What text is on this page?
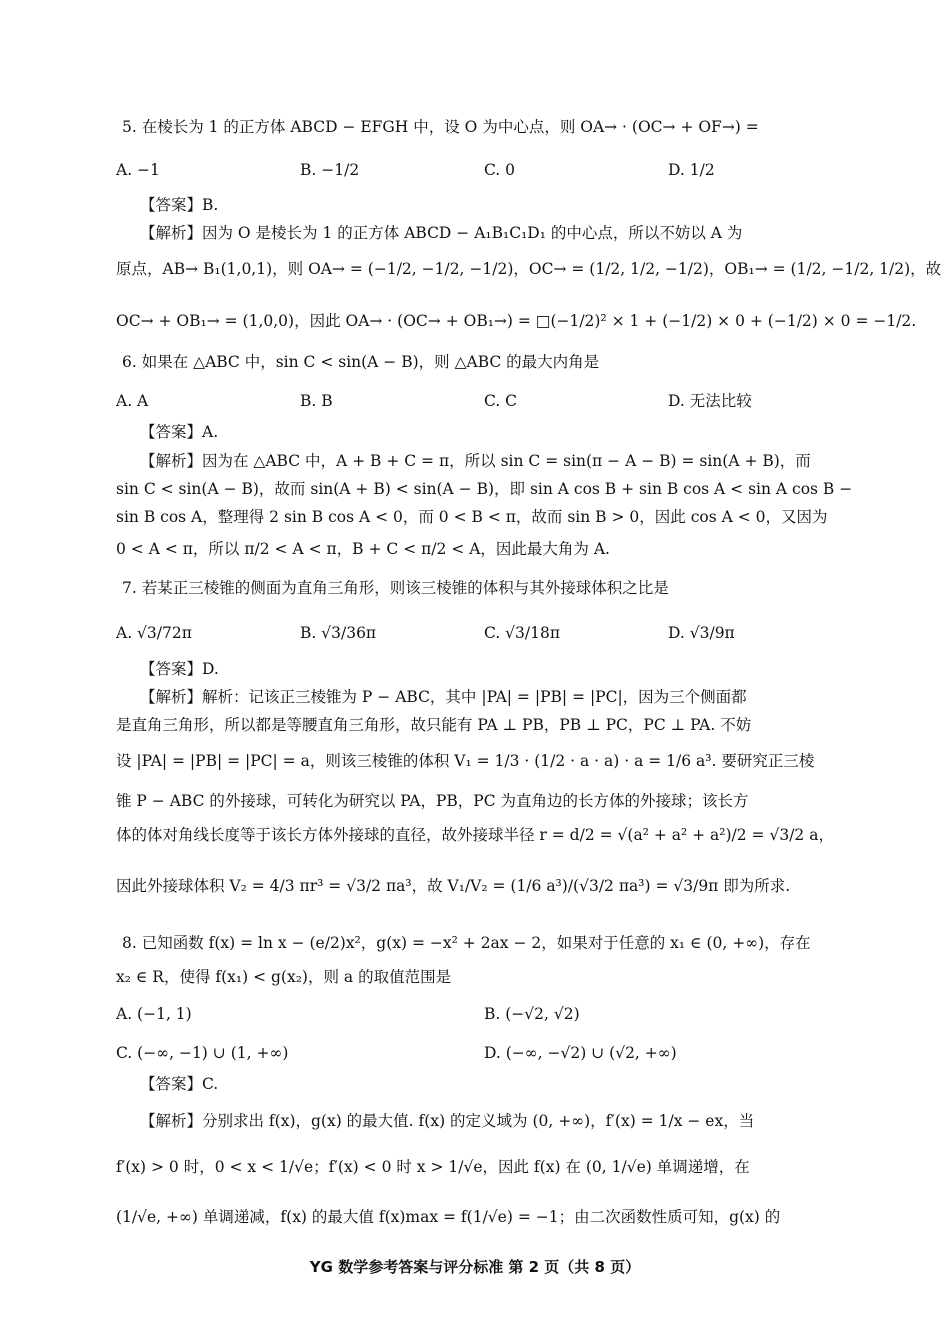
5. 在棱长为 1 的正方体 ABCD − EFGH 中，设 O 为中心点，则 OA→ · (OC→ + OF→) =
A. −1	B. −1/2	C. 0	D. 1/2
【答案】B.
【解析】因为 O 是棱长为 1 的正方体 ABCD − A₁B₁C₁D₁ 的中心点，所以不妨以 A 为
原点，AB→ B₁(1,0,1)，则 OA→ = (−1/2, −1/2, −1/2)，OC→ = (1/2, 1/2, −1/2)，OB₁→ = (1/2, −1/2, 1/2)，故
OC→ + OB₁→ = (1,0,0)，因此 OA→ · (OC→ + OB₁→) = □(−1/2)² × 1 + (−1/2) × 0 + (−1/2) × 0 = −1/2.
6. 如果在 △ABC 中，sin C < sin(A − B)，则 △ABC 的最大内角是
A. A	B. B	C. C	D. 无法比较
【答案】A.
【解析】因为在 △ABC 中，A + B + C = π，所以 sin C = sin(π − A − B) = sin(A + B)，而
sin C < sin(A − B)，故而 sin(A + B) < sin(A − B)，即 sin A cos B + sin B cos A < sin A cos B −
sin B cos A，整理得 2 sin B cos A < 0，而 0 < B < π，故而 sin B > 0，因此 cos A < 0，又因为
0 < A < π，所以 π/2 < A < π，B + C < π/2 < A，因此最大角为 A.
7. 若某正三棱锥的侧面为直角三角形，则该三棱锥的体积与其外接球体积之比是
A. √3/72π	B. √3/36π	C. √3/18π	D. √3/9π
【答案】D.
【解析】解析：记该正三棱锥为 P − ABC，其中 |PA| = |PB| = |PC|，因为三个侧面都
是直角三角形，所以都是等腰直角三角形，故只能有 PA ⊥ PB，PB ⊥ PC，PC ⊥ PA. 不妨
设 |PA| = |PB| = |PC| = a，则该三棱锥的体积 V₁ = 1/3 · (1/2 · a · a) · a = 1/6 a³. 要研究正三棱
锥 P − ABC 的外接球，可转化为研究以 PA，PB，PC 为直角边的长方体的外接球；该长方
体的体对角线长度等于该长方体外接球的直径，故外接球半径 r = d/2 = √(a² + a² + a²)/2 = √3/2 a，
因此外接球体积 V₂ = 4/3 πr³ = √3/2 πa³，故 V₁/V₂ = (1/6 a³)/(√3/2 πa³) = √3/9π 即为所求.
8. 已知函数 f(x) = ln x − (e/2)x²，g(x) = −x² + 2ax − 2，如果对于任意的 x₁ ∈ (0, +∞)，存在
x₂ ∈ R，使得 f(x₁) < g(x₂)，则 a 的取值范围是
A. (−1, 1)	B. (−√2, √2)
C. (−∞, −1) ∪ (1, +∞)	D. (−∞, −√2) ∪ (√2, +∞)
【答案】C.
【解析】分别求出 f(x)，g(x) 的最大值. f(x) 的定义域为 (0, +∞)，f′(x) = 1/x − ex，当
f′(x) > 0 时，0 < x < 1/√e；f′(x) < 0 时 x > 1/√e，因此 f(x) 在 (0, 1/√e) 单调递增，在
(1/√e, +∞) 单调递减，f(x) 的最大值 f(x)max = f(1/√e) = −1；由二次函数性质可知，g(x) 的
YG 数学参考答案与评分标准 第 2 页（共 8 页）
